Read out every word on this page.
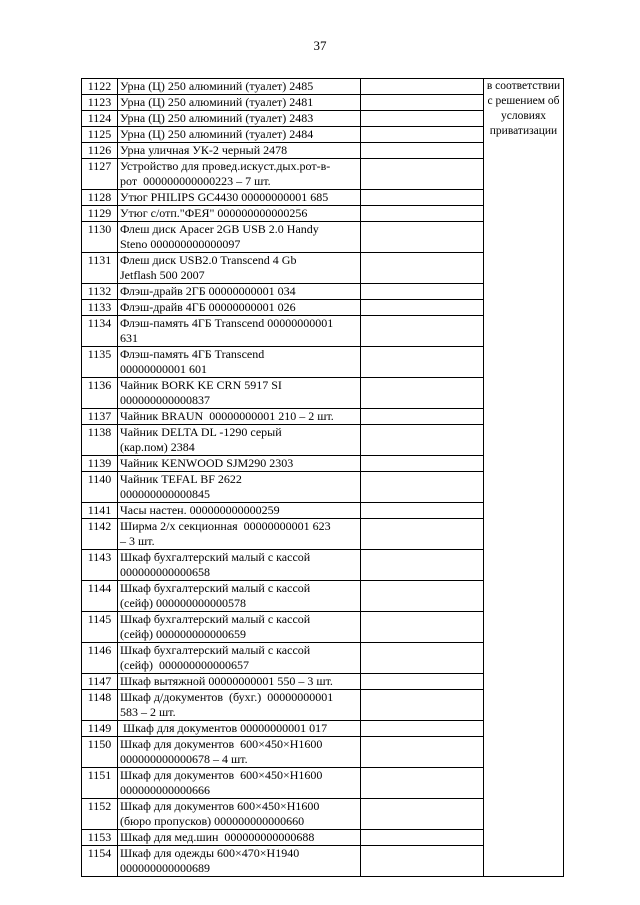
37
1122	Урна (Ц) 250 алюминий (туалет) 2485		в соответствии с решением об условиях приватизации
1123	Урна (Ц) 250 алюминий (туалет) 2481		

1124	Урна (Ц) 250 алюминий (туалет) 2483		

1125	Урна (Ц) 250 алюминий (туалет) 2484		

1126	Урна уличная УК-2 черный 2478		

1127	Устройство для провед.искуст.дых.рот-в-
рот  000000000000223 – 7 шт.		

1128	Утюг PHILIPS GC4430 00000000001 685		

1129	Утюг с/отп."ФЕЯ" 000000000000256		

1130	Флеш диск Apacer 2GB USB 2.0 Handy
Steno 000000000000097		

1131	Флеш диск USB2.0 Transcend 4 Gb
Jetflash 500 2007		

1132	Флэш-драйв 2ГБ 00000000001 034		

1133	Флэш-драйв 4ГБ 00000000001 026		

1134	Флэш-память 4ГБ Transcend 00000000001
631		

1135	Флэш-память 4ГБ Transcend
00000000001 601		

1136	Чайник BORK KE CRN 5917 SI
000000000000837		

1137	Чайник BRAUN  00000000001 210 – 2 шт.		

1138	Чайник DELTA DL -1290 серый
(кар.пом) 2384		

1139	Чайник KENWOOD SJM290 2303		

1140	Чайник TEFAL BF 2622
000000000000845		

1141	Часы настен. 000000000000259		

1142	Ширма 2/х секционная  00000000001 623
– 3 шт.		

1143	Шкаф бухгалтерский малый с кассой
000000000000658		

1144	Шкаф бухгалтерский малый с кассой
(сейф) 000000000000578		

1145	Шкаф бухгалтерский малый с кассой
(сейф) 000000000000659		

1146	Шкаф бухгалтерский малый с кассой
(сейф)  000000000000657		

1147	Шкаф вытяжной 00000000001 550 – 3 шт.		

1148	Шкаф д/документов  (бухг.)  00000000001
583 – 2 шт.		

1149	Шкаф для документов 00000000001 017		

1150	Шкаф для документов  600×450×Н1600
000000000000678 – 4 шт.		

1151	Шкаф для документов  600×450×Н1600
000000000000666		

1152	Шкаф для документов 600×450×Н1600
(бюро пропусков) 000000000000660		

1153	Шкаф для мед.шин  000000000000688		

1154	Шкаф для одежды 600×470×Н1940
000000000000689		
